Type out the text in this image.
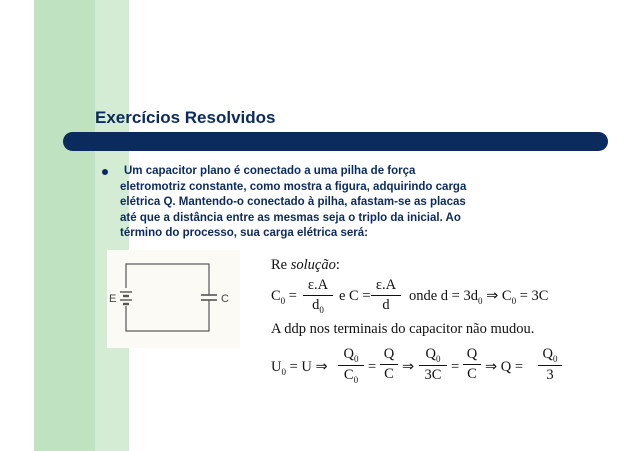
Exercícios Resolvidos
Um capacitor plano é conectado a uma pilha de força
eletromotriz constante, como mostra a figura, adquirindo carga
elétrica Q. Mantendo-o conectado à pilha, afastam-se as placas
até que a distância entre as mesmas seja o triplo da inicial. Ao
término do processo, sua carga elétrica será:
E	C
Re solução:
$C_0$ =
ε.A
$d_0$
e C =
ε.A
d
onde $d = 3d_0$ ⇒ $C_0 = 3C$
A ddp nos terminais do capacitor não mudou.
$U_0 = U$ ⇒
$Q_0$
$C_0$
=
Q
C ⇒
$Q_0$
3C =
Q
C ⇒ Q =
$Q_0$
3
